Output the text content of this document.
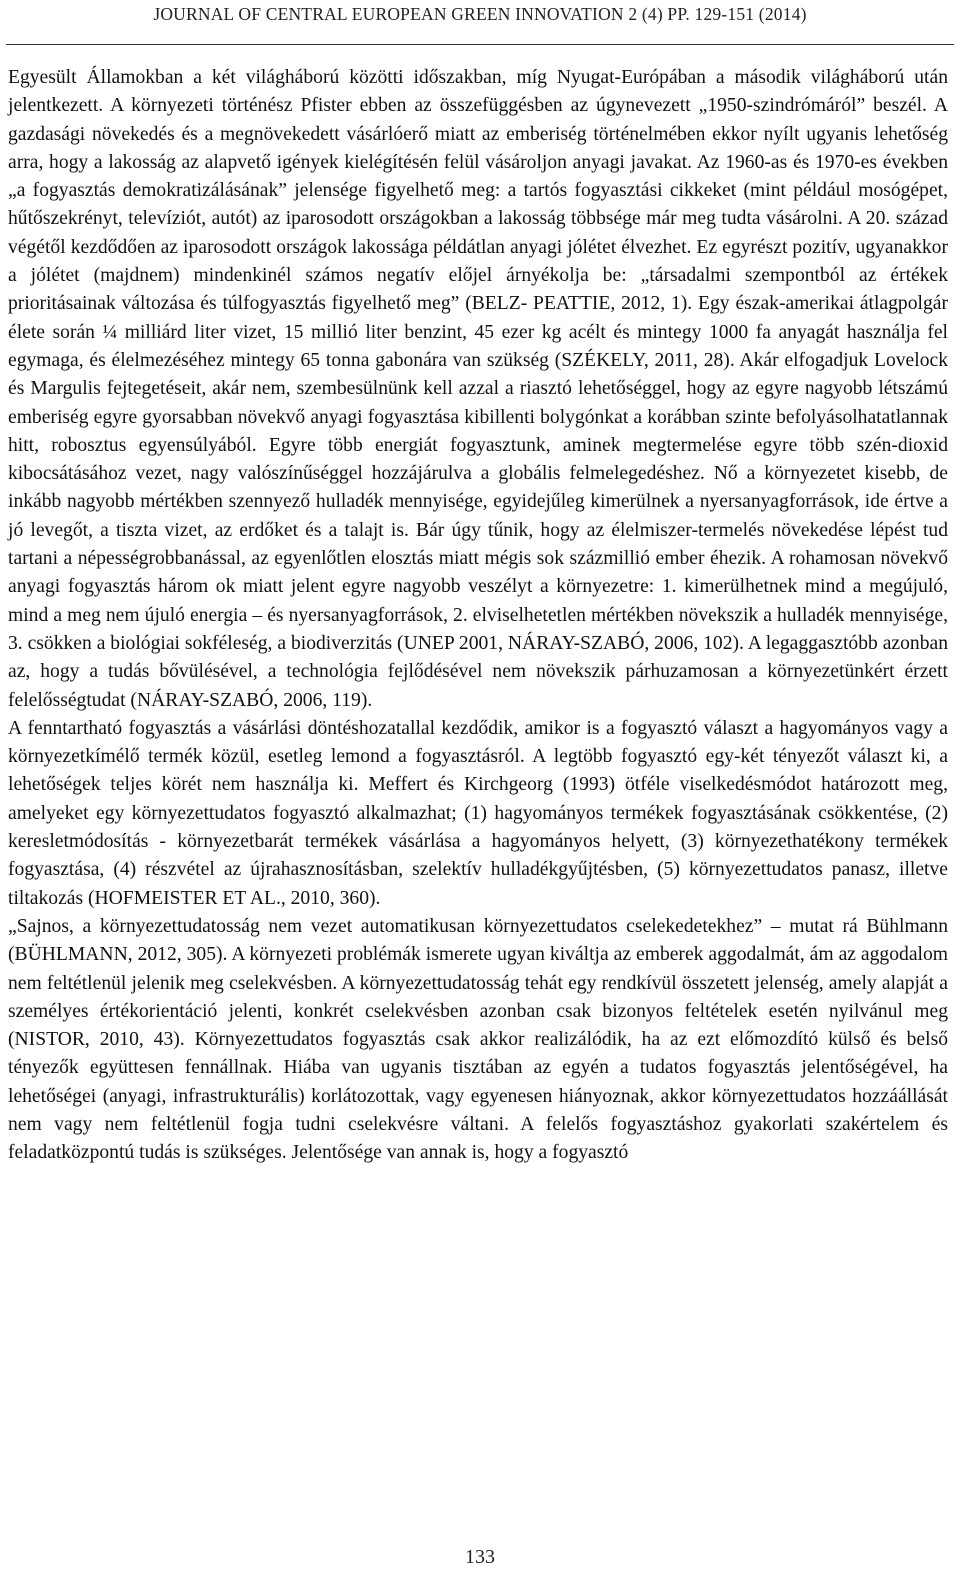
JOURNAL OF CENTRAL EUROPEAN GREEN INNOVATION 2 (4) PP. 129-151 (2014)

Egyesült Államokban a két világháború közötti időszakban, míg Nyugat-Európában a második világháború után jelentkezett. A környezeti történész Pfister ebben az összefüggésben az úgynevezett „1950-szindrómáról” beszél. A gazdasági növekedés és a megnövekedett vásárlóerő miatt az emberiség történelmében ekkor nyílt ugyanis lehetőség arra, hogy a lakosság az alapvető igények kielégítésén felül vásároljon anyagi javakat. Az 1960-as és 1970-es években „a fogyasztás demokratizálásának” jelensége figyelhető meg: a tartós fogyasztási cikkeket (mint például mosógépet, hűtőszekrényt, televíziót, autót) az iparosodott országokban a lakosság többsége már meg tudta vásárolni. A 20. század végétől kezdődően az iparosodott országok lakossága példátlan anyagi jólétet élvezhet. Ez egyrészt pozitív, ugyanakkor a jólétet (majdnem) mindenkinél számos negatív előjel árnyékolja be: „társadalmi szempontból az értékek prioritásainak változása és túlfogyasztás figyelhető meg” (BELZ- PEATTIE, 2012, 1). Egy észak-amerikai átlagpolgár élete során ¼ milliárd liter vizet, 15 millió liter benzint, 45 ezer kg acélt és mintegy 1000 fa anyagát használja fel egymaga, és élelmezéséhez mintegy 65 tonna gabonára van szükség (SZÉKELY, 2011, 28). Akár elfogadjuk Lovelock és Margulis fejtegetéseit, akár nem, szembesülnünk kell azzal a riasztó lehetőséggel, hogy az egyre nagyobb létszámú emberiség egyre gyorsabban növekvő anyagi fogyasztása kibillenti bolygónkat a korábban szinte befolyásolhatatlannak hitt, robosztus egyensúlyából. Egyre több energiát fogyasztunk, aminek megtermelése egyre több szén-dioxid kibocsátásához vezet, nagy valószínűséggel hozzájárulva a globális felmelegedéshez. Nő a környezetet kisebb, de inkább nagyobb mértékben szennyező hulladék mennyisége, egyidejűleg kimerülnek a nyersanyagforrások, ide értve a jó levegőt, a tiszta vizet, az erdőket és a talajt is. Bár úgy tűnik, hogy az élelmiszer-termelés növekedése lépést tud tartani a népességrobbanással, az egyenlőtlen elosztás miatt mégis sok százmillió ember éhezik. A rohamosan növekvő anyagi fogyasztás három ok miatt jelent egyre nagyobb veszélyt a környezetre: 1. kimerülhetnek mind a megújuló, mind a meg nem újuló energia – és nyersanyagforrások, 2. elviselhetetlen mértékben növekszik a hulladék mennyisége, 3. csökken a biológiai sokféleség, a biodiverzitás (UNEP 2001, NÁRAY-SZABÓ, 2006, 102). A legaggasztóbb azonban az, hogy a tudás bővülésével, a technológia fejlődésével nem növekszik párhuzamosan a környezetünkért érzett felelősségtudat (NÁRAY-SZABÓ, 2006, 119).

A fenntartható fogyasztás a vásárlási döntéshozatallal kezdődik, amikor is a fogyasztó választ a hagyományos vagy a környezetkímélő termék közül, esetleg lemond a fogyasztásról. A legtöbb fogyasztó egy-két tényezőt választ ki, a lehetőségek teljes körét nem használja ki. Meffert és Kirchgeorg (1993) ötféle viselkedésmódot határozott meg, amelyeket egy környezettudatos fogyasztó alkalmazhat; (1) hagyományos termékek fogyasztásának csökkentése, (2) keresletmódosítás - környezetbarát termékek vásárlása a hagyományos helyett, (3) környezethatékony termékek fogyasztása, (4) részvétel az újrahasznosításban, szelektív hulladékgyűjtésben, (5) környezettudatos panasz, illetve tiltakozás (HOFMEISTER ET AL., 2010, 360).

„Sajnos, a környezettudatosság nem vezet automatikusan környezettudatos cselekedetekhez” – mutat rá Bühlmann (BÜHLMANN, 2012, 305). A környezeti problémák ismerete ugyan kiváltja az emberek aggodalmát, ám az aggodalom nem feltétlenül jelenik meg cselekvésben. A környezettudatosság tehát egy rendkívül összetett jelenség, amely alapját a személyes értékorientáció jelenti, konkrét cselekvésben azonban csak bizonyos feltételek esetén nyilvánul meg (NISTOR, 2010, 43). Környezettudatos fogyasztás csak akkor realizálódik, ha az ezt előmozdító külső és belső tényezők együttesen fennállnak. Hiába van ugyanis tisztában az egyén a tudatos fogyasztás jelentőségével, ha lehetőségei (anyagi, infrastrukturális) korlátozottak, vagy egyenesen hiányoznak, akkor környezettudatos hozzáállását nem vagy nem feltétlenül fogja tudni cselekvésre váltani. A felelős fogyasztáshoz gyakorlati szakértelem és feladatközpontú tudás is szükséges. Jelentősége van annak is, hogy a fogyasztó

133
